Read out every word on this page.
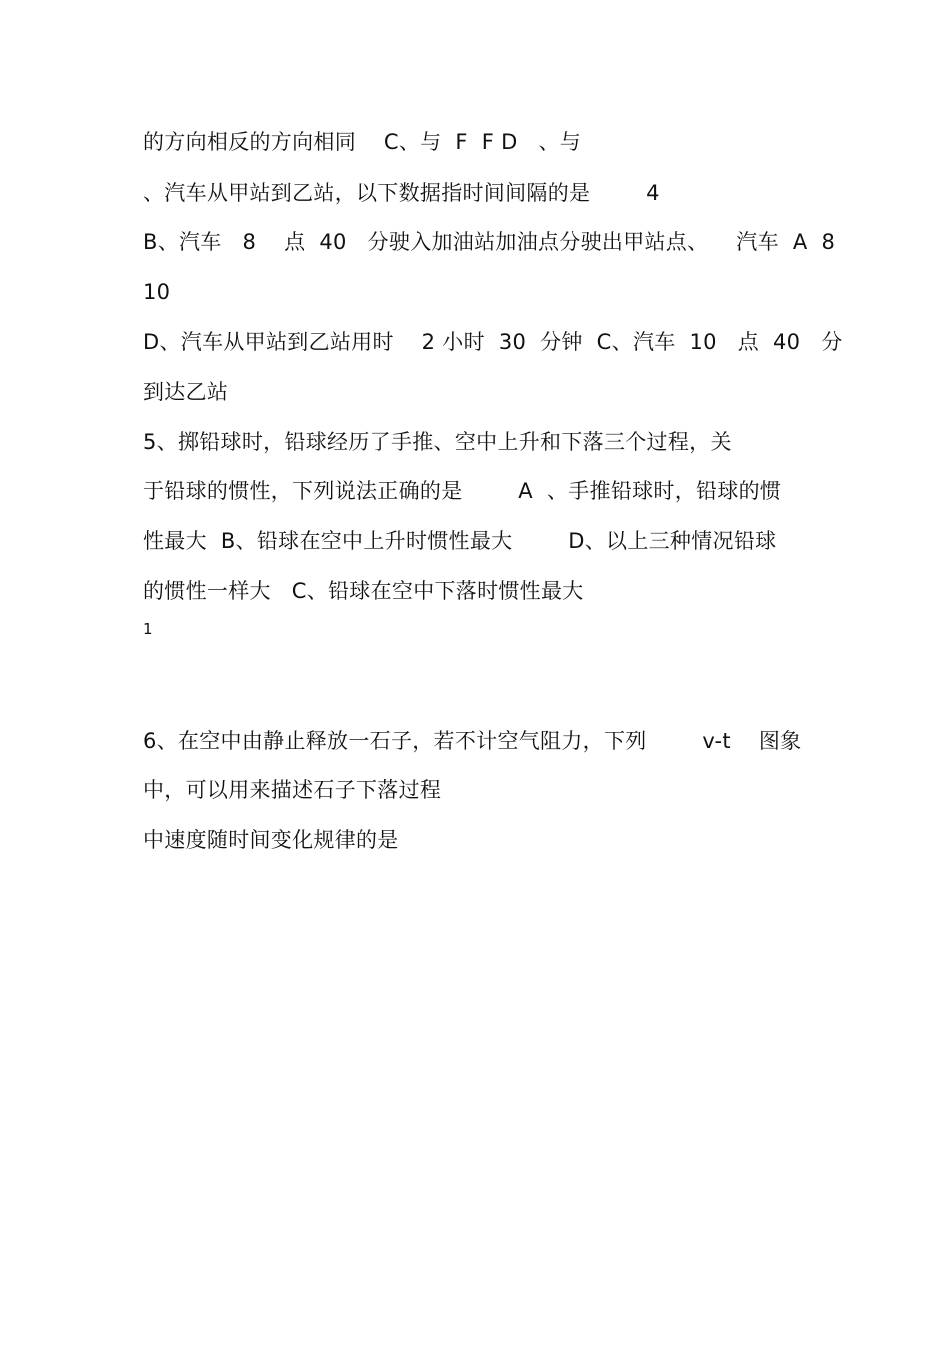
的方向相反的方向相同    C、与  F  F D   、与
、汽车从甲站到乙站，以下数据指时间间隔的是        4
B、汽车   8    点  40   分驶入加油站加油点分驶出甲站点、    汽车  A  8
10
D、汽车从甲站到乙站用时    2 小时  30  分钟  C、汽车  10   点  40   分
到达乙站
5、掷铅球时，铅球经历了手推、空中上升和下落三个过程，关
于铅球的惯性，下列说法正确的是        A  、手推铅球时，铅球的惯
性最大  B、铅球在空中上升时惯性最大        D、以上三种情况铅球
的惯性一样大   C、铅球在空中下落时惯性最大
1
6、在空中由静止释放一石子，若不计空气阻力，下列        v-t    图象
中，可以用来描述石子下落过程
中速度随时间变化规律的是
